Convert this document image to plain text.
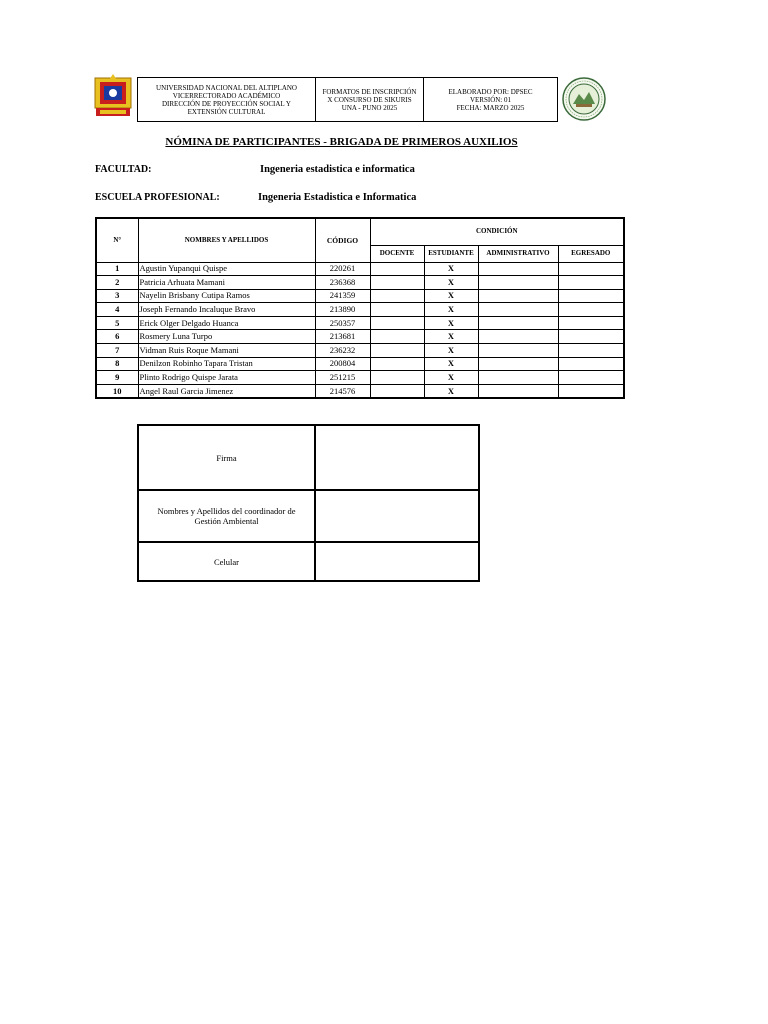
UNIVERSIDAD NACIONAL DEL ALTIPLANO
VICERRECTORADO ACADÉMICO
DIRECCIÓN DE PROYECCIÓN SOCIAL Y
EXTENSIÓN CULTURAL
FORMATOS DE INSCRIPCIÓN
X CONSURSO DE SIKURIS
UNA - PUNO 2025
ELABORADO POR: DPSEC
VERSIÓN: 01
FECHA: MARZO 2025
NÓMINA DE PARTICIPANTES - BRIGADA DE PRIMEROS AUXILIOS
FACULTAD:	Ingeneria estadistica e informatica
ESCUELA PROFESIONAL:	Ingeneria Estadistica e Informatica
N°	NOMBRES Y APELLIDOS	CÓDIGO	CONDICIÓN			
			DOCENTE	ESTUDIANTE	ADMINISTRATIVO	EGRESADO
1	Agustin Yupanqui Quispe	220261		X		
2	Patricia Arhuata Mamani	236368		X		
3	Nayelin Brisbany Cutipa Ramos	241359		X		
4	Joseph Fernando Incaluque Bravo	213890		X		
5	Erick Olger Delgado Huanca	250357		X		
6	Rosmery Luna Turpo	213681		X		
7	Vidman Ruis Roque Mamani	236232		X		
8	Denilzon Robinho Tapara Tristan	200804		X		
9	Plinto Rodrigo Quispe Jarata	251215		X		
10	Angel Raul Garcia Jimenez	214576		X		
Firma	
Nombres y Apellidos del coordinador de Gestión Ambiental	
Celular	
